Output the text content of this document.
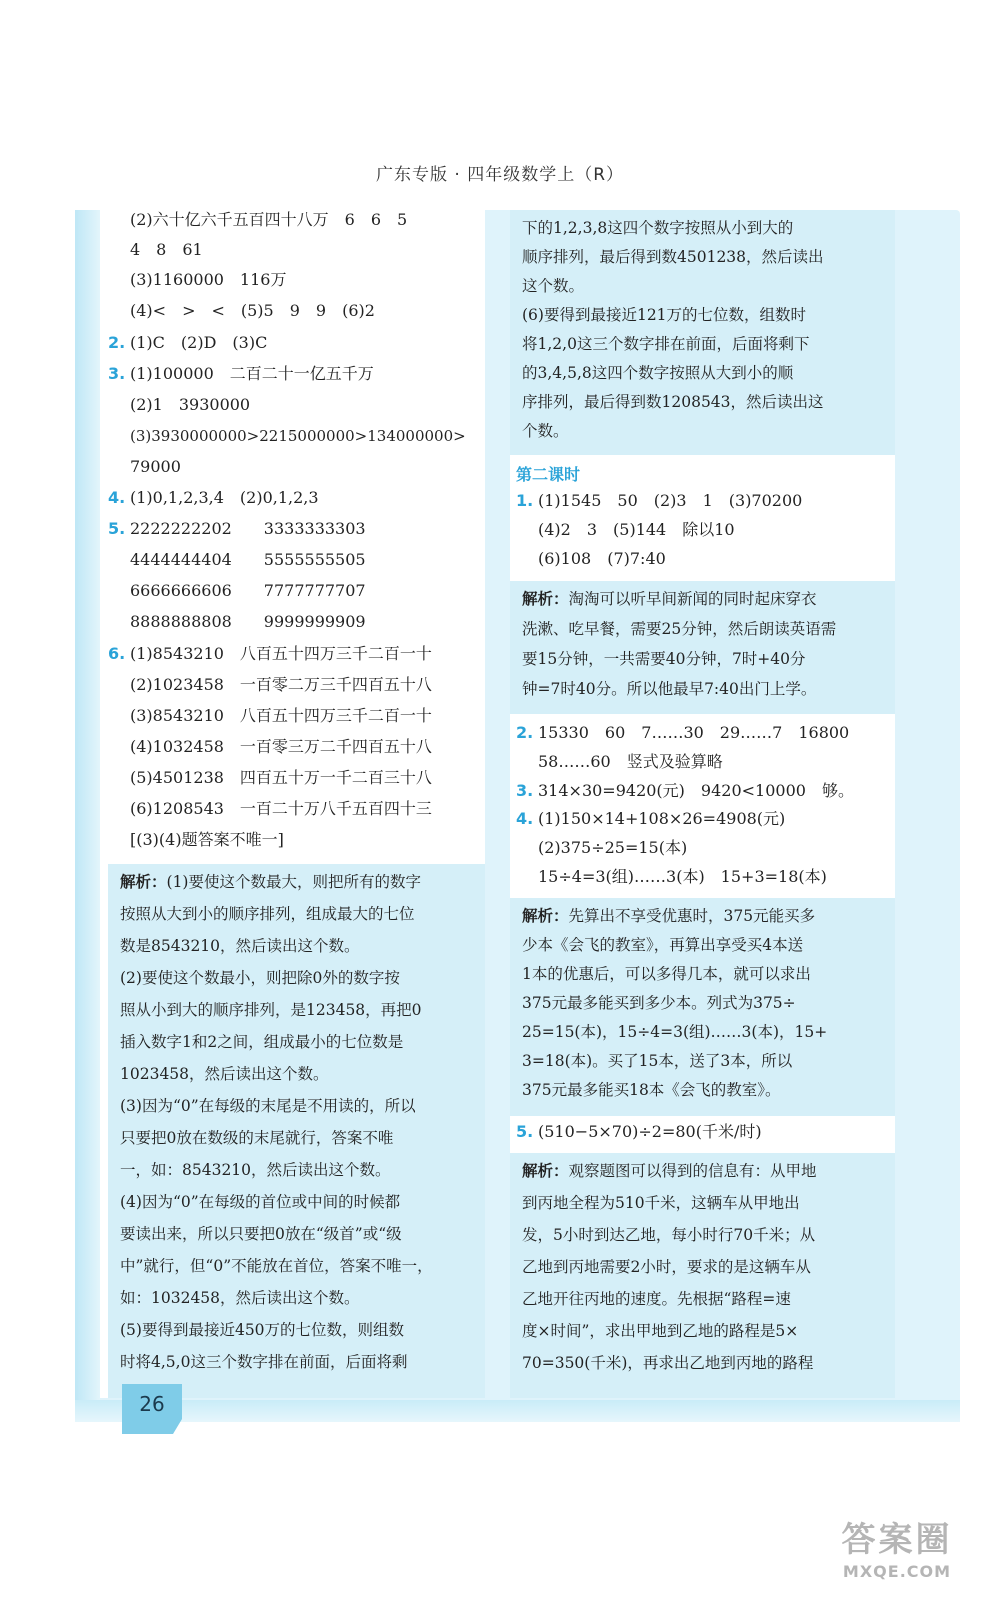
广东专版 · 四年级数学上（R）
(2)六十亿六千五百四十八万　6　6　5
4　8　61
(3)1160000　116万
(4)<　>　<　(5)5　9　9　(6)2
2. (1)C　(2)D　(3)C
3. (1)100000　二百二十一亿五千万
(2)1　3930000
(3)3930000000>2215000000>134000000>
79000
4. (1)0,1,2,3,4　(2)0,1,2,3
5. 2222222202　　3333333303
4444444404　　5555555505
6666666606　　7777777707
8888888808　　9999999909
6. (1)8543210　八百五十四万三千二百一十
(2)1023458　一百零二万三千四百五十八
(3)8543210　八百五十四万三千二百一十
(4)1032458　一百零三万二千四百五十八
(5)4501238　四百五十万一千二百三十八
(6)1208543　一百二十万八千五百四十三
[(3)(4)题答案不唯一]
解析：(1)要使这个数最大，则把所有的数字
按照从大到小的顺序排列，组成最大的七位
数是8543210，然后读出这个数。
(2)要使这个数最小，则把除0外的数字按
照从小到大的顺序排列，是123458，再把0
插入数字1和2之间，组成最小的七位数是
1023458，然后读出这个数。
(3)因为“0”在每级的末尾是不用读的，所以
只要把0放在数级的末尾就行，答案不唯
一，如：8543210，然后读出这个数。
(4)因为“0”在每级的首位或中间的时候都
要读出来，所以只要把0放在“级首”或“级
中”就行，但“0”不能放在首位，答案不唯一，
如：1032458，然后读出这个数。
(5)要得到最接近450万的七位数，则组数
时将4,5,0这三个数字排在前面，后面将剩
下的1,2,3,8这四个数字按照从小到大的
顺序排列，最后得到数4501238，然后读出
这个数。
(6)要得到最接近121万的七位数，组数时
将1,2,0这三个数字排在前面，后面将剩下
的3,4,5,8这四个数字按照从大到小的顺
序排列，最后得到数1208543，然后读出这
个数。
第二课时
1. (1)1545　50　(2)3　1　(3)70200
(4)2　3　(5)144　除以10
(6)108　(7)7:40
解析：淘淘可以听早间新闻的同时起床穿衣
洗漱、吃早餐，需要25分钟，然后朗读英语需
要15分钟，一共需要40分钟，7时+40分
钟=7时40分。所以他最早7:40出门上学。
2. 15330　60　7……30　29……7　16800
58……60　竖式及验算略
3. 314×30=9420(元)　9420<10000　够。
4. (1)150×14+108×26=4908(元)
(2)375÷25=15(本)
15÷4=3(组)……3(本)　15+3=18(本)
解析：先算出不享受优惠时，375元能买多
少本《会飞的教室》，再算出享受买4本送
1本的优惠后，可以多得几本，就可以求出
375元最多能买到多少本。列式为375÷
25=15(本)，15÷4=3(组)……3(本)，15+
3=18(本)。买了15本，送了3本，所以
375元最多能买18本《会飞的教室》。
5. (510−5×70)÷2=80(千米/时)
解析：观察题图可以得到的信息有：从甲地
到丙地全程为510千米，这辆车从甲地出
发，5小时到达乙地，每小时行70千米；从
乙地到丙地需要2小时，要求的是这辆车从
乙地开往丙地的速度。先根据“路程=速
度×时间”，求出甲地到乙地的路程是5×
70=350(千米)，再求出乙地到丙地的路程
26
答案圈
MXQE.COM
